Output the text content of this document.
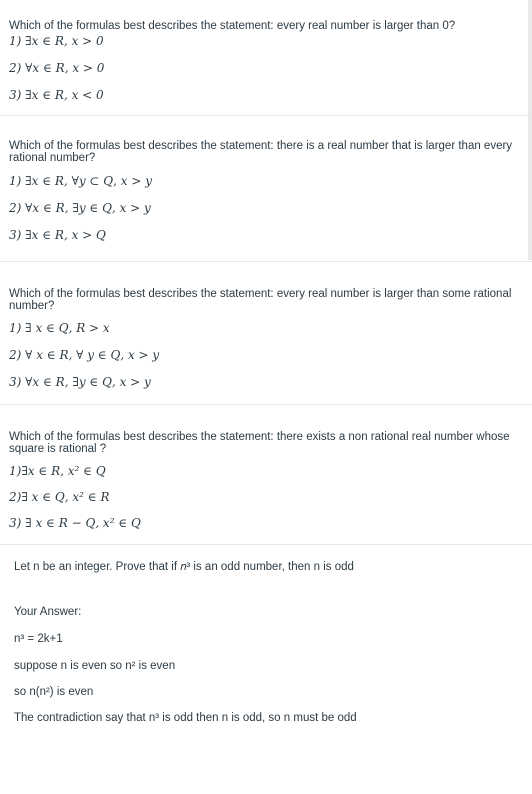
Which of the formulas best describes the statement: every real number is larger than 0?

1) ∃𝑥 ∈ 𝑅, 𝑥 > 0
2) ∀𝑥 ∈ 𝑅, 𝑥 > 0
3) ∃𝑥 ∈ 𝑅, 𝑥 < 0

Which of the formulas best describes the statement: there is a real number that is larger than every rational number?

1) ∃𝑥 ∈ 𝑅, ∀𝑦 ⊂ 𝑄, 𝑥 > 𝑦
2) ∀𝑥 ∈ 𝑅, ∃𝑦 ∈ 𝑄, 𝑥 > 𝑦
3) ∃𝑥 ∈ 𝑅, 𝑥 > 𝑄

Which of the formulas best describes the statement: every real number is larger than some rational number?

1) ∃ 𝑥 ∈ 𝑄, 𝑅 > 𝑥
2) ∀ 𝑥 ∈ 𝑅, ∀ 𝑦 ∈ 𝑄, 𝑥 > 𝑦
3) ∀𝑥 ∈ 𝑅, ∃𝑦 ∈ 𝑄, 𝑥 > 𝑦

Which of the formulas best describes the statement: there exists a non rational real number whose square is rational ?

1)∃𝑥 ∈ 𝑅, 𝑥² ∈ 𝑄
2)∃ 𝑥 ∈ 𝑄, 𝑥² ∈ 𝑅
3) ∃ 𝑥 ∈ 𝑅 − 𝑄, 𝑥² ∈ 𝑄
Let n be an integer. Prove that if 𝑛³ is an odd number, then n is odd
Your Answer:
n³ = 2k+1
suppose n is even so n² is even
so n(n²) is even
The contradiction say that n³ is odd then n is odd, so n must be odd
